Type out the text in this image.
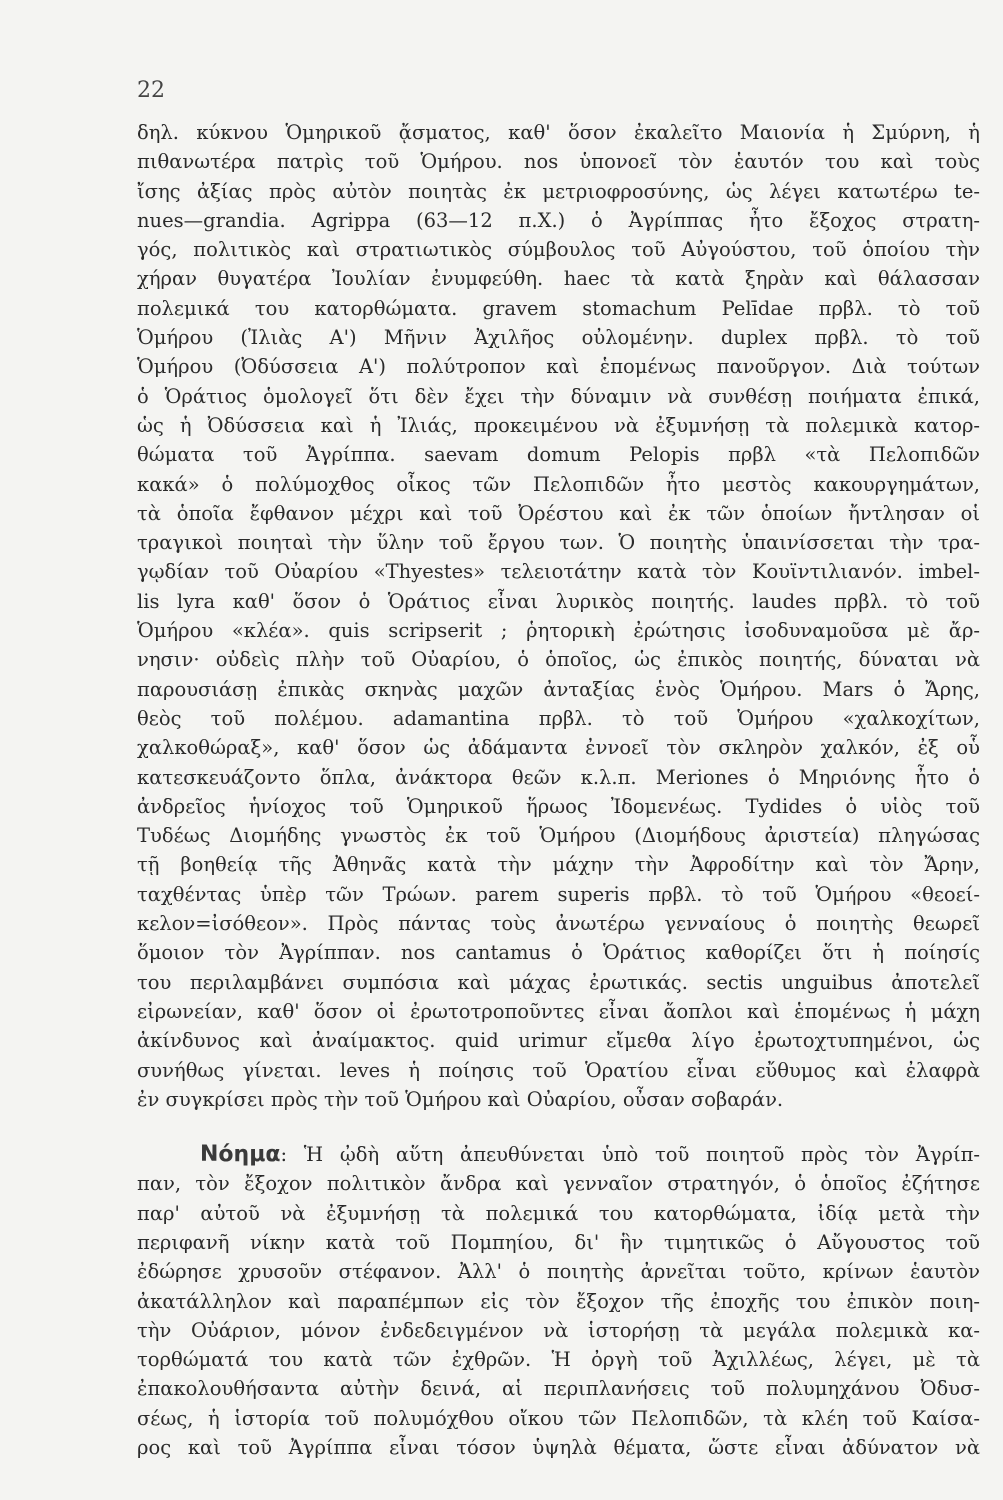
22
δηλ. κύκνου Ὁμηρικοῦ ᾄσματος, καθ' ὅσον ἐκαλεῖτο Μαιονία ἡ Σμύρνη, ἡ
πιθανωτέρα πατρὶς τοῦ Ὁμήρου. nos ὑπονοεῖ τὸν ἑαυτόν του καὶ τοὺς
ἴσης ἀξίας πρὸς αὐτὸν ποιητὰς ἐκ μετριοφροσύνης, ὡς λέγει κατωτέρω te-
nues—grandia. Agrippa (63—12 π.Χ.) ὁ Ἀγρίππας ἦτο ἔξοχος στρατη-
γός, πολιτικὸς καὶ στρατιωτικὸς σύμβουλος τοῦ Αὐγούστου, τοῦ ὁποίου τὴν
χήραν θυγατέρα Ἰουλίαν ἐνυμφεύθη. haec τὰ κατὰ ξηρὰν καὶ θάλασσαν
πολεμικά του κατορθώματα. gravem stomachum Pelīdae πρβλ. τὸ τοῦ
Ὁμήρου (Ἰλιὰς Α') Μῆνιν Ἀχιλῆος οὐλομένην. duplex πρβλ. τὸ τοῦ
Ὁμήρου (Ὀδύσσεια Α') πολύτροπον καὶ ἑπομένως πανοῦργον. Διὰ τούτων
ὁ Ὁράτιος ὁμολογεῖ ὅτι δὲν ἔχει τὴν δύναμιν νὰ συνθέσῃ ποιήματα ἐπικά,
ὡς ἡ Ὀδύσσεια καὶ ἡ Ἰλιάς, προκειμένου νὰ ἐξυμνήσῃ τὰ πολεμικὰ κατορ-
θώματα τοῦ Ἀγρίππα. saevam domum Pelopis πρβλ «τὰ Πελοπιδῶν
κακά» ὁ πολύμοχθος οἶκος τῶν Πελοπιδῶν ἦτο μεστὸς κακουργημάτων,
τὰ ὁποῖα ἔφθανον μέχρι καὶ τοῦ Ὀρέστου καὶ ἐκ τῶν ὁποίων ἤντλησαν οἱ
τραγικοὶ ποιηταὶ τὴν ὕλην τοῦ ἔργου των. Ὁ ποιητὴς ὑπαινίσσεται τὴν τρα-
γῳδίαν τοῦ Οὐαρίου «Thyestes» τελειοτάτην κατὰ τὸν Κουϊντιλιανόν. imbel-
lis lyra καθ' ὅσον ὁ Ὁράτιος εἶναι λυρικὸς ποιητής. laudes πρβλ. τὸ τοῦ
Ὁμήρου «κλέα». quis scripserit ; ῥητορικὴ ἐρώτησις ἰσοδυναμοῦσα μὲ ἄρ-
νησιν· οὐδεὶς πλὴν τοῦ Οὐαρίου, ὁ ὁποῖος, ὡς ἐπικὸς ποιητής, δύναται νὰ
παρουσιάσῃ ἐπικὰς σκηνὰς μαχῶν ἀνταξίας ἑνὸς Ὁμήρου. Mars ὁ Ἄρης,
θεὸς τοῦ πολέμου. adamantina πρβλ. τὸ τοῦ Ὁμήρου «χαλκοχίτων,
χαλκοθώραξ», καθ' ὅσον ὡς ἀδάμαντα ἐννοεῖ τὸν σκληρὸν χαλκόν, ἐξ οὗ
κατεσκευάζοντο ὅπλα, ἀνάκτορα θεῶν κ.λ.π. Meriones ὁ Μηριόνης ἦτο ὁ
ἀνδρεῖος ἡνίοχος τοῦ Ὁμηρικοῦ ἥρωος Ἰδομενέως. Tydides ὁ υἱὸς τοῦ
Τυδέως Διομήδης γνωστὸς ἐκ τοῦ Ὁμήρου (Διομήδους ἀριστεία) πληγώσας
τῇ βοηθείᾳ τῆς Ἀθηνᾶς κατὰ τὴν μάχην τὴν Ἀφροδίτην καὶ τὸν Ἄρην,
ταχθέντας ὑπὲρ τῶν Τρώων. parem superis πρβλ. τὸ τοῦ Ὁμήρου «θεοεί-
κελον=ἰσόθεον». Πρὸς πάντας τοὺς ἀνωτέρω γενναίους ὁ ποιητὴς θεωρεῖ
ὅμοιον τὸν Ἀγρίππαν. nos cantamus ὁ Ὁράτιος καθορίζει ὅτι ἡ ποίησίς
του περιλαμβάνει συμπόσια καὶ μάχας ἐρωτικάς. sectis unguibus ἀποτελεῖ
εἰρωνείαν, καθ' ὅσον οἱ ἐρωτοτροποῦντες εἶναι ἄοπλοι καὶ ἑπομένως ἡ μάχη
ἀκίνδυνος καὶ ἀναίμακτος. quid urimur εἴμεθα λίγο ἐρωτοχτυπημένοι, ὡς
συνήθως γίνεται. leves ἡ ποίησις τοῦ Ὁρατίου εἶναι εὔθυμος καὶ ἐλαφρὰ
ἐν συγκρίσει πρὸς τὴν τοῦ Ὁμήρου καὶ Οὐαρίου, οὖσαν σοβαράν.
Νόημα: Ἡ ᾠδὴ αὕτη ἀπευθύνεται ὑπὸ τοῦ ποιητοῦ πρὸς τὸν Ἀγρίπ-
παν, τὸν ἔξοχον πολιτικὸν ἄνδρα καὶ γενναῖον στρατηγόν, ὁ ὁποῖος ἐζήτησε
παρ' αὐτοῦ νὰ ἐξυμνήσῃ τὰ πολεμικά του κατορθώματα, ἰδίᾳ μετὰ τὴν
περιφανῆ νίκην κατὰ τοῦ Πομπηίου, δι' ἣν τιμητικῶς ὁ Αὔγουστος τοῦ
ἐδώρησε χρυσοῦν στέφανον. Ἀλλ' ὁ ποιητὴς ἀρνεῖται τοῦτο, κρίνων ἑαυτὸν
ἀκατάλληλον καὶ παραπέμπων εἰς τὸν ἔξοχον τῆς ἐποχῆς του ἐπικὸν ποιη-
τὴν Οὐάριον, μόνον ἐνδεδειγμένον νὰ ἱστορήσῃ τὰ μεγάλα πολεμικὰ κα-
τορθώματά του κατὰ τῶν ἐχθρῶν. Ἡ ὀργὴ τοῦ Ἀχιλλέως, λέγει, μὲ τὰ
ἐπακολουθήσαντα αὐτὴν δεινά, αἱ περιπλανήσεις τοῦ πολυμηχάνου Ὀδυσ-
σέως, ἡ ἱστορία τοῦ πολυμόχθου οἴκου τῶν Πελοπιδῶν, τὰ κλέη τοῦ Καίσα-
ρος καὶ τοῦ Ἀγρίππα εἶναι τόσον ὑψηλὰ θέματα, ὥστε εἶναι ἀδύνατον νὰ
